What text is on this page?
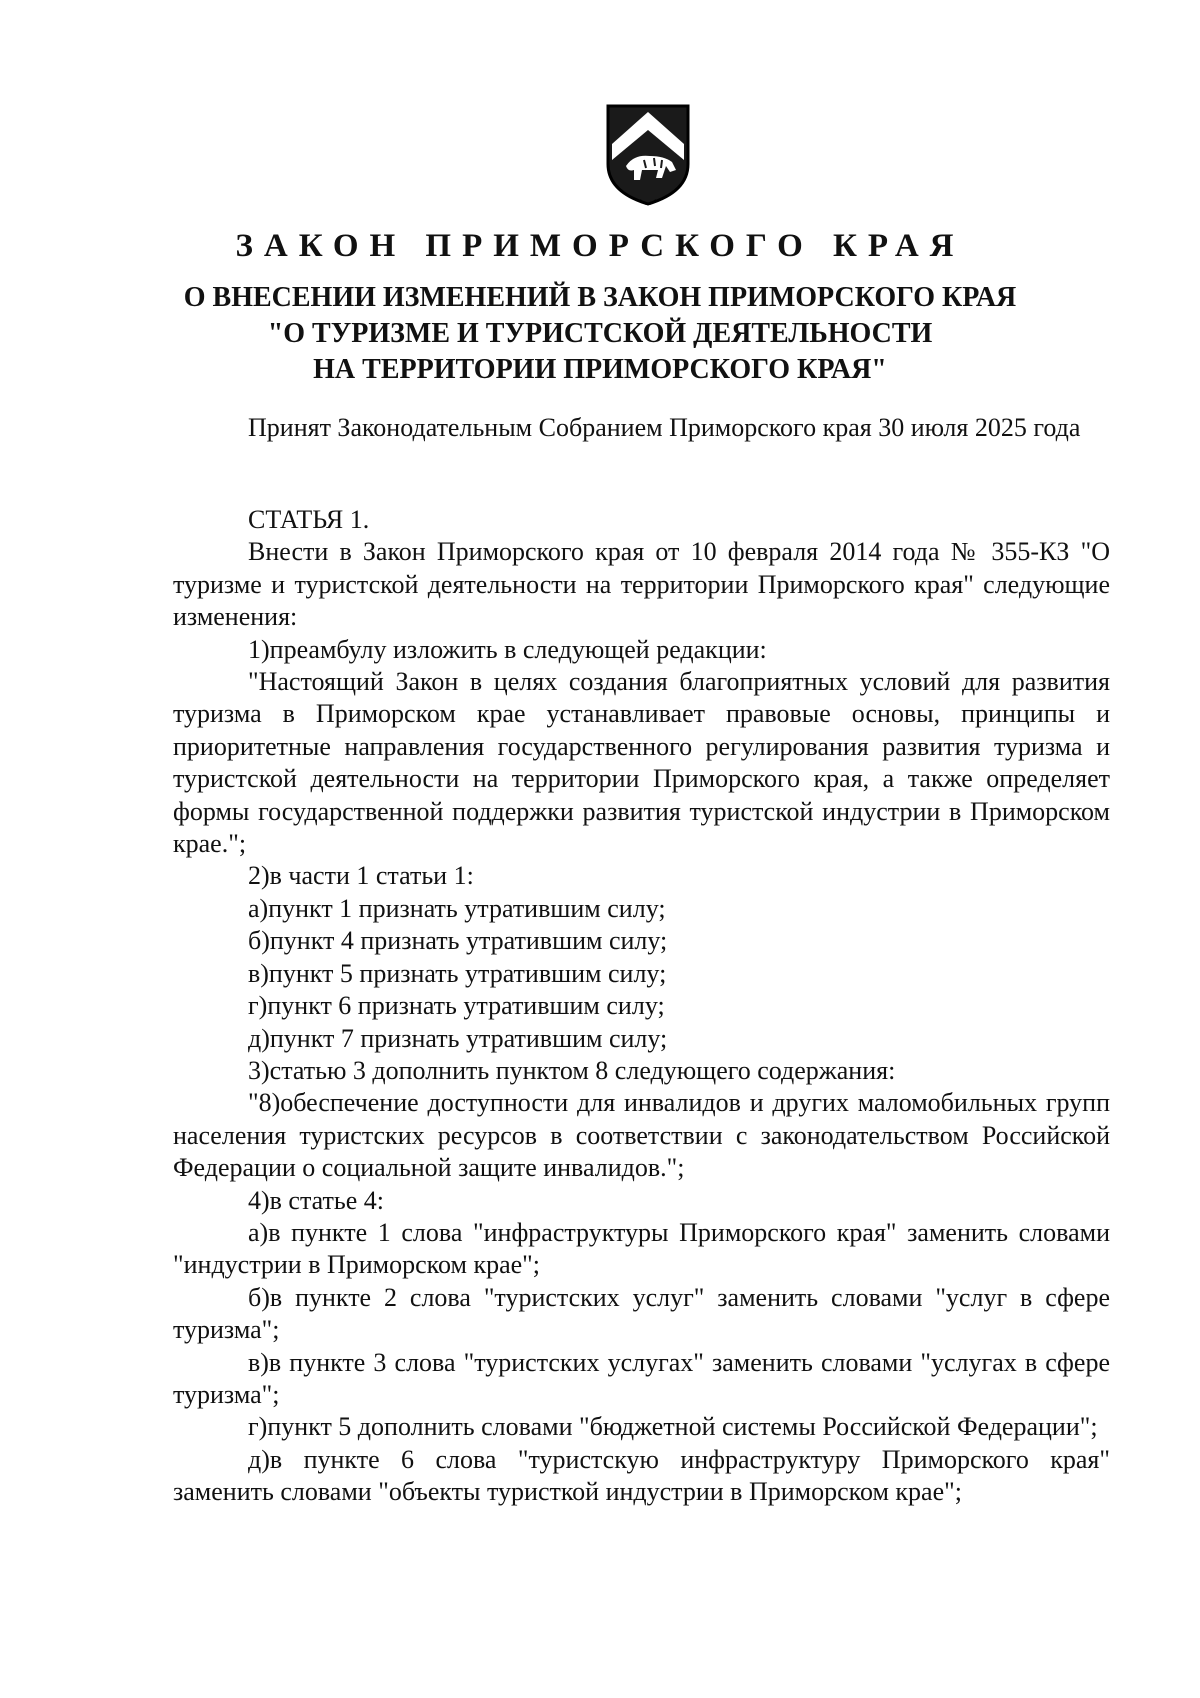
ЗАКОН ПРИМОРСКОГО КРАЯ
О ВНЕСЕНИИ ИЗМЕНЕНИЙ В ЗАКОН ПРИМОРСКОГО КРАЯ
"О ТУРИЗМЕ И ТУРИСТСКОЙ ДЕЯТЕЛЬНОСТИ
НА ТЕРРИТОРИИ ПРИМОРСКОГО КРАЯ"

Принят Законодательным Собранием Приморского края 30 июля 2025 года

СТАТЬЯ 1.

Внести в Закон Приморского края от 10 февраля 2014 года № 355-КЗ "О туризме и туристской деятельности на территории Приморского края" следующие изменения:

1)преамбулу изложить в следующей редакции:

"Настоящий Закон в целях создания благоприятных условий для развития туризма в Приморском крае устанавливает правовые основы, принципы и приоритетные направления государственного регулирования развития туризма и туристской деятельности на территории Приморского края, а также определяет формы государственной поддержки развития туристской индустрии в Приморском крае.";

2)в части 1 статьи 1:

а)пункт 1 признать утратившим силу;

б)пункт 4 признать утратившим силу;

в)пункт 5 признать утратившим силу;

г)пункт 6 признать утратившим силу;

д)пункт 7 признать утратившим силу;

3)статью 3 дополнить пунктом 8 следующего содержания:

"8)обеспечение доступности для инвалидов и других маломобильных групп населения туристских ресурсов в соответствии с законодательством Российской Федерации о социальной защите инвалидов.";

4)в статье 4:

а)в пункте 1 слова "инфраструктуры Приморского края" заменить словами "индустрии в Приморском крае";

б)в пункте 2 слова "туристских услуг" заменить словами "услуг в сфере туризма";

в)в пункте 3 слова "туристских услугах" заменить словами "услугах в сфере туризма";

г)пункт 5 дополнить словами "бюджетной системы Российской Федерации";

д)в пункте 6 слова "туристскую инфраструктуру Приморского края" заменить словами "объекты туристкой индустрии в Приморском крае";
